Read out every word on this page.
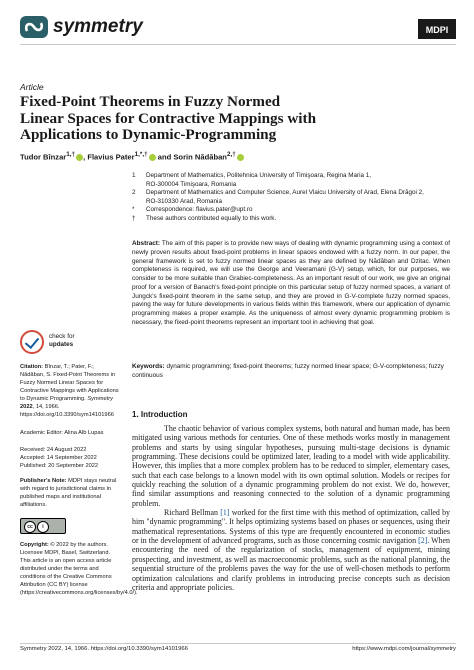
symmetry	MDPI
Article
Fixed-Point Theorems in Fuzzy Normed Linear Spaces for Contractive Mappings with Applications to Dynamic-Programming
Tudor Bînzar$^{1,\dagger}$ , Flavius Pater$^{1,*,\dagger}$ and Sorin Nădăban$^{2,\dagger}$
1	Department of Mathematics, Politehnica University of Timişoara, Regina Maria 1,
RO-300004 Timişoara, Romania
2	Department of Mathematics and Computer Science, Aurel Vlaicu University of Arad, Elena Drăgoi 2,
RO-310330 Arad, Romania
*	Correspondence: flavius.pater@upt.ro
†	These authors contributed equally to this work.
Abstract: The aim of this paper is to provide new ways of dealing with dynamic programming using a context of newly proven results about fixed-point problems in linear spaces endowed with a fuzzy norm. In our paper, the general framework is set to fuzzy normed linear spaces as they are defined by Nădăban and Dzitac. When completeness is required, we will use the George and Veeramani (G-V) setup, which, for our purposes, we consider to be more suitable than Grabiec-completeness. As an important result of our work, we give an original proof for a version of Banach's fixed-point principle on this particular setup of fuzzy normed spaces, a variant of Jungck's fixed-point theorem in the same setup, and they are proved in G-V-complete fuzzy normed spaces, paving the way for future developments in various fields within this framework, where our application of dynamic programming makes a proper example. As the uniqueness of almost every dynamic programming problem is necessary, the fixed-point theorems represent an important tool in achieving that goal.
Keywords: dynamic programming; fixed-point theorems; fuzzy normed linear space; G-V-completeness; fuzzy continuous
check for
updates
Citation: Bînzar, T.; Pater, F.; Nădăban, S. Fixed-Point Theorems in Fuzzy Normed Linear Spaces for Contractive Mappings with Applications to Dynamic Programming. Symmetry 2022, 14, 1966. https://doi.org/10.3390/sym14101966
Academic Editor: Alina Alb Lupas
Received: 24 August 2022
Accepted: 14 September 2022
Published: 20 September 2022
Publisher's Note: MDPI stays neutral with regard to jurisdictional claims in published maps and institutional affiliations.
cc	i
Copyright: © 2022 by the authors. Licensee MDPI, Basel, Switzerland. This article is an open access article distributed under the terms and conditions of the Creative Commons Attribution (CC BY) license (https://creativecommons.org/licenses/by/4.0/).
1. Introduction

The chaotic behavior of various complex systems, both natural and human made, has been mitigated using various methods for centuries. One of these methods works mostly in management problems and starts by using singular hypotheses, pursuing multi-stage decisions is dynamic programming. These decisions could be optimized later, leading to a model with wide applicability. However, this implies that a more complex problem has to be reduced to simpler, elementary cases, such that each case belongs to a known model with its own optimal solution. Models or recipes for quickly reaching the solution of a dynamic programming problem do not exist. We do, however, find similar assumptions and reasoning connected to the solution of a dynamic programming problem.

Richard Bellman [1] worked for the first time with this method of optimization, called by him "dynamic programming". It helps optimizing systems based on phases or sequences, using their mathematical representations. Systems of this type are frequently encountered in economic studies or in the development of advanced programs, such as those concerning cosmic navigation [2]. When encountering the need of the regularization of stocks, management of equipment, mining prospecting, and investment, as well as macroeconomic problems, such as the national planning, the sequential structure of the problems paves the way for the use of well-chosen methods to perform optimization calculations and clarify problems in introducing precise concepts such as decision criteria and appropriate policies.

Symmetry 2022, 14, 1966. https://doi.org/10.3390/sym14101966	https://www.mdpi.com/journal/symmetry
